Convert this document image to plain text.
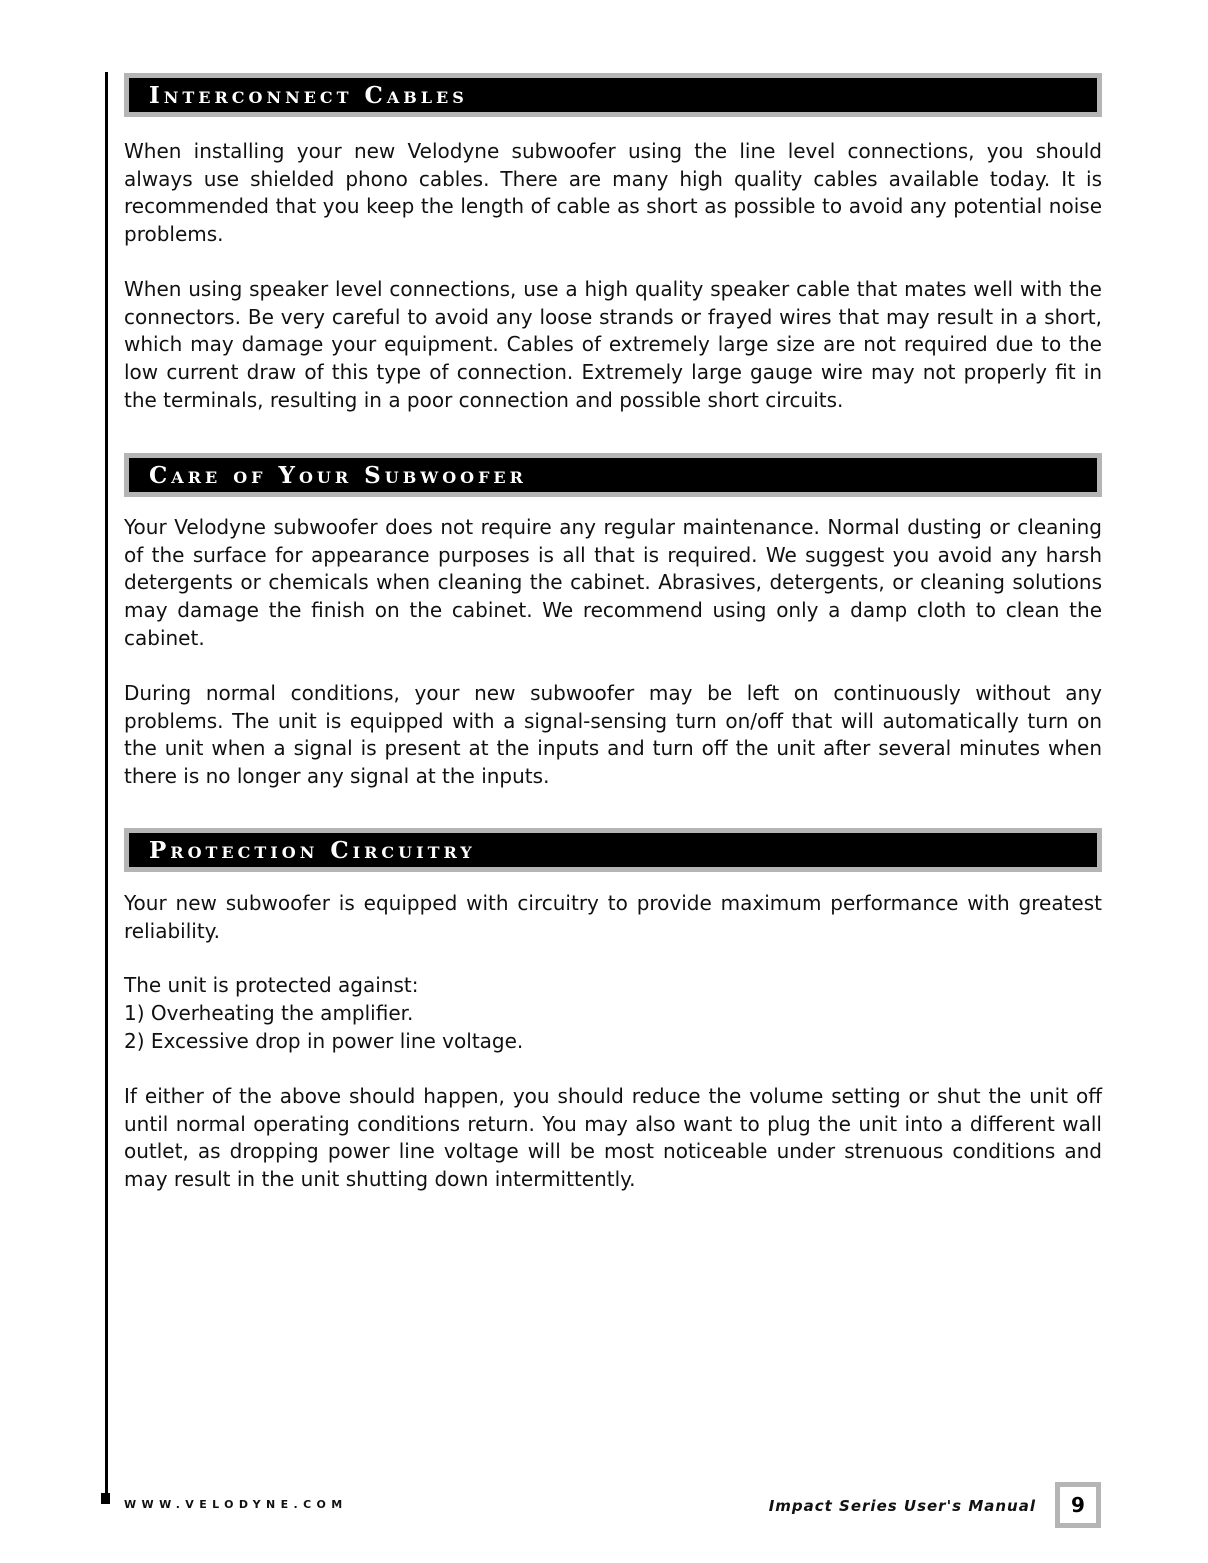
Interconnect Cables

When installing your new Velodyne subwoofer using the line level connections, you should always use shielded phono cables. There are many high quality cables available today. It is recommended that you keep the length of cable as short as possible to avoid any potential noise problems.

When using speaker level connections, use a high quality speaker cable that mates well with the connectors. Be very careful to avoid any loose strands or frayed wires that may result in a short, which may damage your equipment. Cables of extremely large size are not required due to the low current draw of this type of connection. Extremely large gauge wire may not properly fit in the terminals, resulting in a poor connection and possible short circuits.

Care of Your Subwoofer

Your Velodyne subwoofer does not require any regular maintenance. Normal dusting or cleaning of the surface for appearance purposes is all that is required. We suggest you avoid any harsh detergents or chemicals when cleaning the cabinet. Abrasives, detergents, or cleaning solutions may damage the finish on the cabinet. We recommend using only a damp cloth to clean the cabinet.

During normal conditions, your new subwoofer may be left on continuously without any problems. The unit is equipped with a signal-sensing turn on/off that will automatically turn on the unit when a signal is present at the inputs and turn off the unit after several minutes when there is no longer any signal at the inputs.

Protection Circuitry

Your new subwoofer is equipped with circuitry to provide maximum performance with greatest reliability.

The unit is protected against:

1) Overheating the amplifier.

2) Excessive drop in power line voltage.

If either of the above should happen, you should reduce the volume setting or shut the unit off until normal operating conditions return. You may also want to plug the unit into a different wall outlet, as dropping power line voltage will be most noticeable under strenuous conditions and may result in the unit shutting down intermittently.

WWW.VELODYNE.COM	Impact Series User's Manual	9
